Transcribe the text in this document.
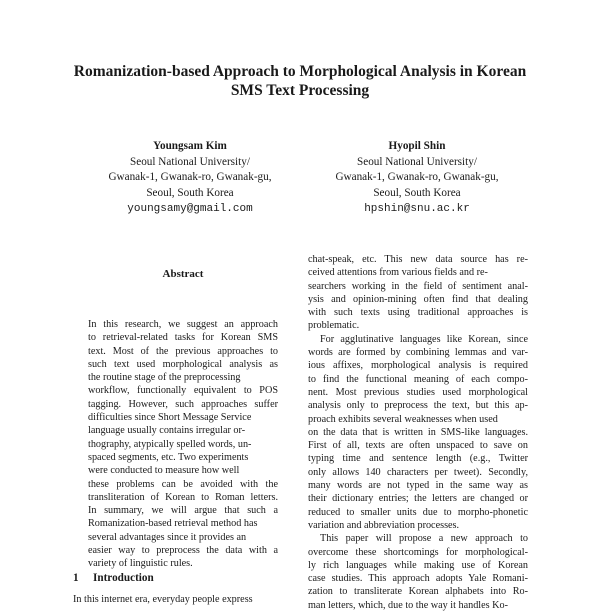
Romanization-based Approach to Morphological Analysis in Korean
SMS Text Processing
Youngsam Kim
Seoul National University/
Gwanak-1, Gwanak-ro, Gwanak-gu,
Seoul, South Korea
youngsamy@gmail.com
Hyopil Shin
Seoul National University/
Gwanak-1, Gwanak-ro, Gwanak-gu,
Seoul, South Korea
hpshin@snu.ac.kr
Abstract
In this research, we suggest an approach
to retrieval-related tasks for Korean SMS
text. Most of the previous approaches to
such text used morphological analysis as
the routine stage of the preprocessing
workflow, functionally equivalent to POS
tagging. However, such approaches suffer
difficulties since Short Message Service
language usually contains irregular or-
thography, atypically spelled words, un-
spaced segments, etc. Two experiments
were conducted to measure how well
these problems can be avoided with the
transliteration of Korean to Roman letters.
In summary, we will argue that such a
Romanization-based retrieval method has
several advantages since it provides an
easier way to preprocess the data with a
variety of linguistic rules.
1 Introduction
In this internet era, everyday people express
chat-speak, etc. This new data source has re-
ceived attentions from various fields and re-
searchers working in the field of sentiment anal-
ysis and opinion-mining often find that dealing
with such texts using traditional approaches is
problematic.
For agglutinative languages like Korean, since
words are formed by combining lemmas and var-
ious affixes, morphological analysis is required
to find the functional meaning of each compo-
nent. Most previous studies used morphological
analysis only to preprocess the text, but this ap-
proach exhibits several weaknesses when used
on the data that is written in SMS-like languages.
First of all, texts are often unspaced to save on
typing time and sentence length (e.g., Twitter
only allows 140 characters per tweet). Secondly,
many words are not typed in the same way as
their dictionary entries; the letters are changed or
reduced to smaller units due to morpho-phonetic
variation and abbreviation processes.
This paper will propose a new approach to
overcome these shortcomings for morphological-
ly rich languages while making use of Korean
case studies. This approach adopts Yale Romani-
zation to transliterate Korean alphabets into Ro-
man letters, which, due to the way it handles Ko-
